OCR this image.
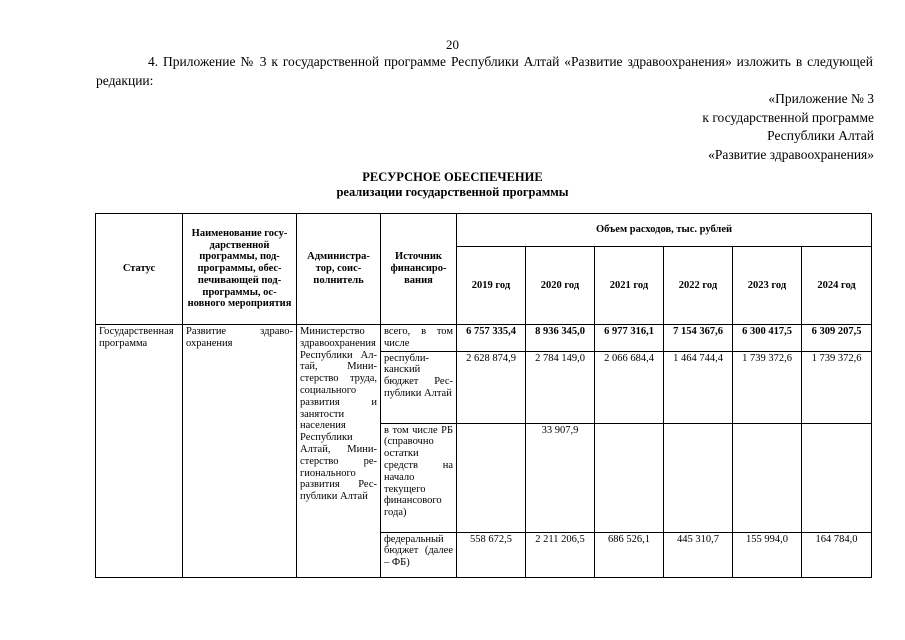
20
4. Приложение № 3 к государственной программе Республики Алтай «Развитие здравоохранения» изложить в следующей редакции:
«Приложение № 3
к государственной программе
Республики Алтай
«Развитие здравоохранения»
РЕСУРСНОЕ ОБЕСПЕЧЕНИЕ
реализации государственной программы
Статус	Наименование государственной программы, подпрограммы, обеспечивающей подпрограммы, основного мероприятия	Администратор, соисполнитель	Источник финансирования	Объем расходов, тыс. рублей					
				2019 год	2020 год	2021 год	2022 год	2023 год	2024 год
Государственная программа	Развитие здравоохранения	Министерство здравоохранения Республики Алтай, Министерство труда, социального развития и занятости населения Республики Алтай, Министерство регионального развития Республики Алтай	всего, в том числе	6 757 335,4	8 936 345,0	6 977 316,1	7 154 367,6	6 300 417,5	6 309 207,5
			республиканский бюджет Республики Алтай	2 628 874,9	2 784 149,0	2 066 684,4	1 464 744,4	1 739 372,6	1 739 372,6
			в том числе РБ (справочно остатки средств на начало текущего финансового года)		33 907,9				
			федеральный бюджет (далее – ФБ)	558 672,5	2 211 206,5	686 526,1	445 310,7	155 994,0	164 784,0
